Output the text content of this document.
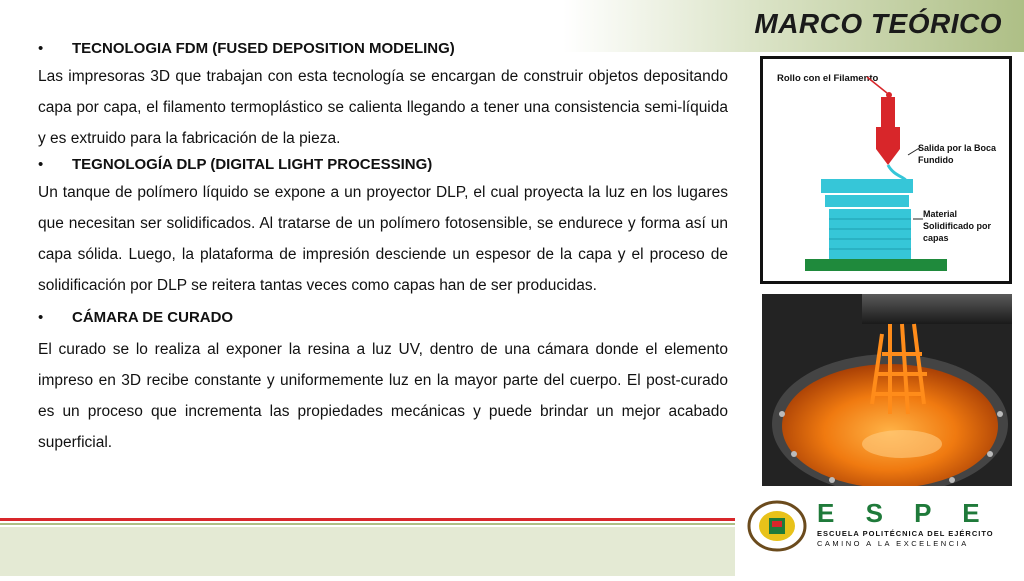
MARCO TEÓRICO
•	TECNOLOGIA FDM (FUSED DEPOSITION MODELING)

Las impresoras 3D que trabajan con esta tecnología se encargan de construir objetos depositando capa por capa, el filamento termoplástico se calienta llegando a tener una consistencia semi-líquida y es extruido para la fabricación de la pieza.

•	TEGNOLOGÍA DLP (DIGITAL LIGHT PROCESSING)

Un tanque de polímero líquido se expone a un proyector DLP, el cual proyecta la luz en los lugares que necesitan ser solidificados. Al tratarse de un polímero fotosensible, se endurece y forma así un capa sólida. Luego, la plataforma de impresión desciende un espesor de la capa y el proceso de solidificación por DLP se reitera tantas veces como capas han de ser producidas.

•	CÁMARA DE CURADO

El curado se lo realiza al exponer la resina a luz UV, dentro de una cámara donde el elemento impreso en 3D recibe constante y uniformemente luz en la mayor parte del cuerpo. El post-curado es un proceso que incrementa las propiedades mecánicas y puede brindar un mejor acabado superficial.

Rollo con el Filamento
Salida por la Boca
Fundido
Material
Solidificado por
capas
E S P E
ESCUELA POLITÉCNICA DEL EJÉRCITO
CAMINO A LA EXCELENCIA
